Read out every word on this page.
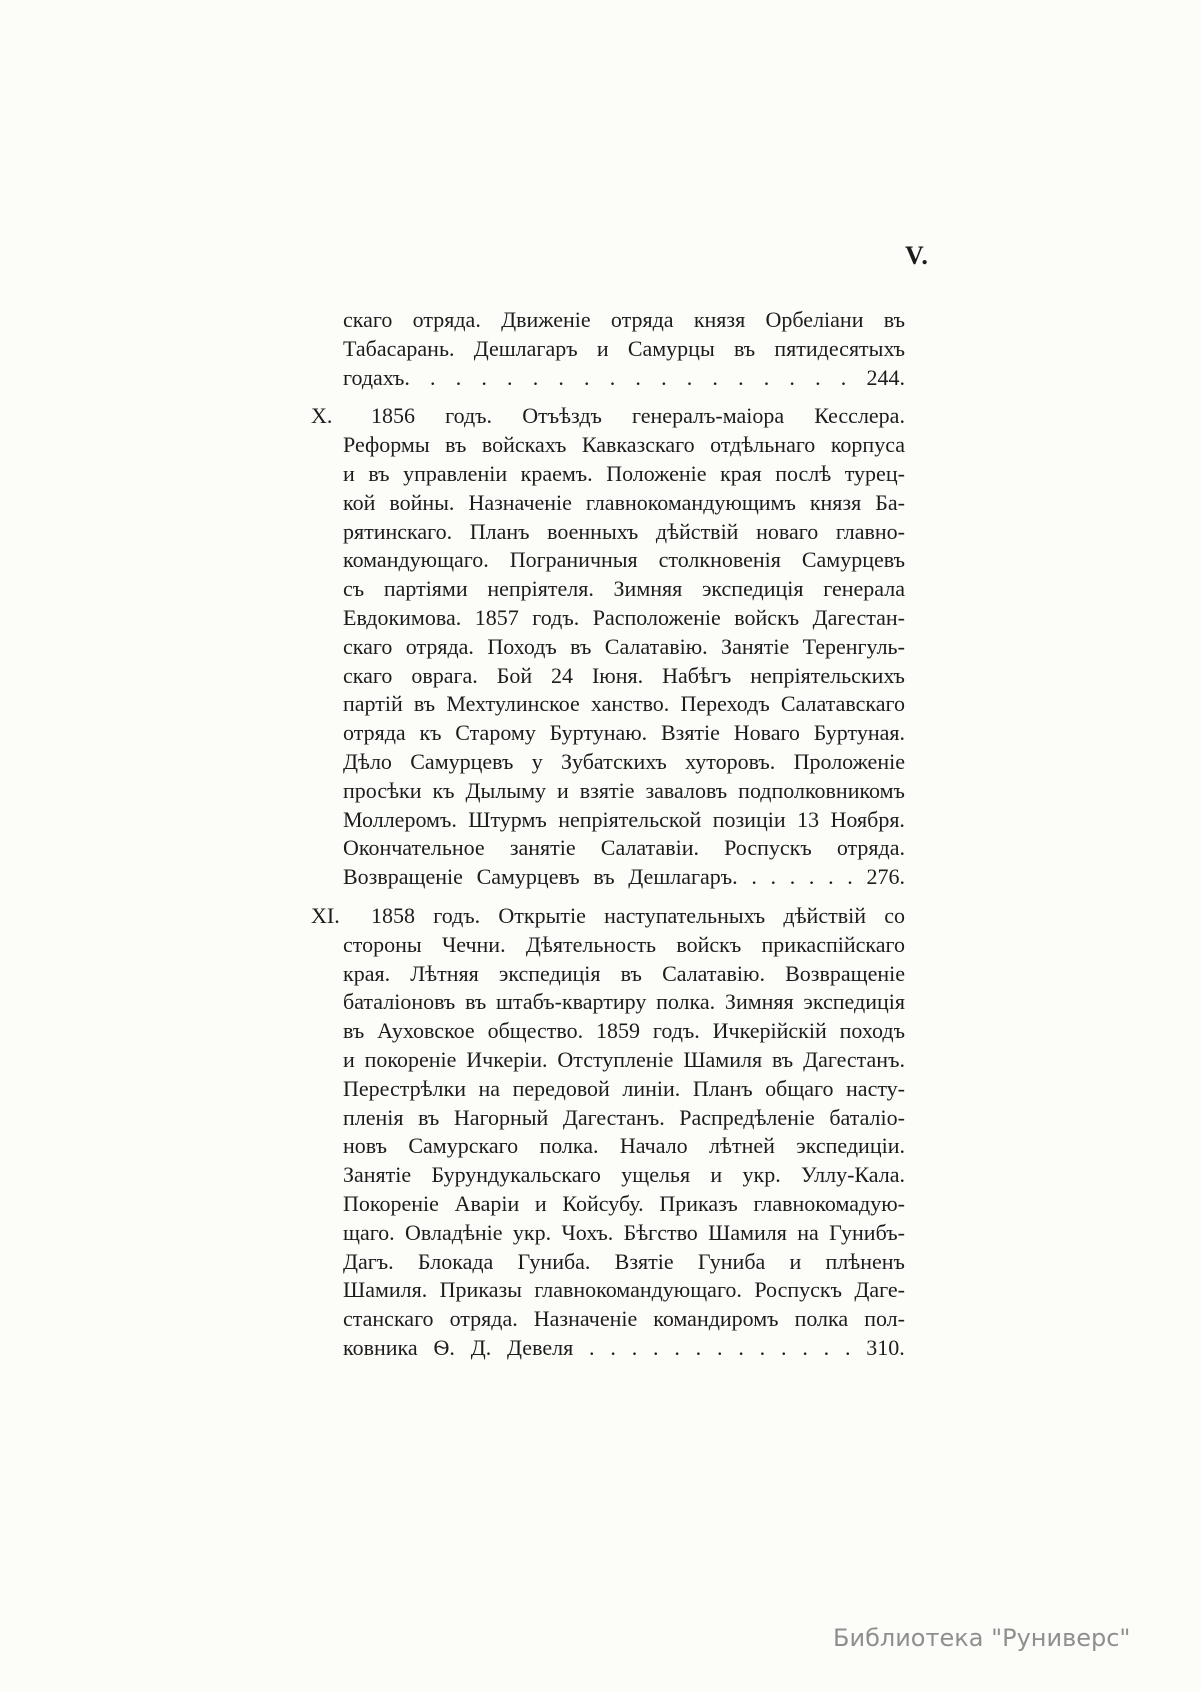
V.
скаго отряда. Движеніе отряда князя Орбеліани въ
Табасарань. Дешлагаръ и Самурцы въ пятидесятыхъ
годахъ. . . . . . . . . . . . . . . . . . 244.
X. 1856 годъ. Отъѣздъ генералъ-маіора Кесслера.
Реформы въ войскахъ Кавказскаго отдѣльнаго корпуса
и въ управленіи краемъ. Положеніе края послѣ турец-
кой войны. Назначеніе главнокомандующимъ князя Ба-
рятинскаго. Планъ военныхъ дѣйствій новаго главно-
командующаго. Пограничныя столкновенія Самурцевъ
съ партіями непріятеля. Зимняя экспедиція генерала
Евдокимова. 1857 годъ. Расположеніе войскъ Дагестан-
скаго отряда. Походъ въ Салатавію. Занятіе Теренгуль-
скаго оврага. Бой 24 Іюня. Набѣгъ непріятельскихъ
партій въ Мехтулинское ханство. Переходъ Салатавскаго
отряда къ Старому Буртунаю. Взятіе Новаго Буртуная.
Дѣло Самурцевъ у Зубатскихъ хуторовъ. Проложеніе
просѣки къ Дылыму и взятіе заваловъ подполковникомъ
Моллеромъ. Штурмъ непріятельской позиціи 13 Ноября.
Окончательное занятіе Салатавіи. Роспускъ отряда.
Возвращеніе Самурцевъ въ Дешлагаръ. . . . . . . 276.
XI. 1858 годъ. Открытіе наступательныхъ дѣйствій со
стороны Чечни. Дѣятельность войскъ прикаспійскаго
края. Лѣтняя экспедиція въ Салатавію. Возвращеніе
баталіоновъ въ штабъ-квартиру полка. Зимняя экспедиція
въ Ауховское общество. 1859 годъ. Ичкерійскій походъ
и покореніе Ичкеріи. Отступленіе Шамиля въ Дагестанъ.
Перестрѣлки на передовой линіи. Планъ общаго насту-
пленія въ Нагорный Дагестанъ. Распредѣленіе баталіо-
новъ Самурскаго полка. Начало лѣтней экспедиціи.
Занятіе Бурундукальскаго ущелья и укр. Уллу-Кала.
Покореніе Аваріи и Койсубу. Приказъ главнокомадую-
щаго. Овладѣніе укр. Чохъ. Бѣгство Шамиля на Гунибъ-
Дагъ. Блокада Гуниба. Взятіе Гуниба и плѣненъ
Шамиля. Приказы главнокомандующаго. Роспускъ Даге-
станскаго отряда. Назначеніе командиромъ полка пол-
ковника Ѳ. Д. Девеля . . . . . . . . . . . . . 310.
Библиотека "Руниверс"
